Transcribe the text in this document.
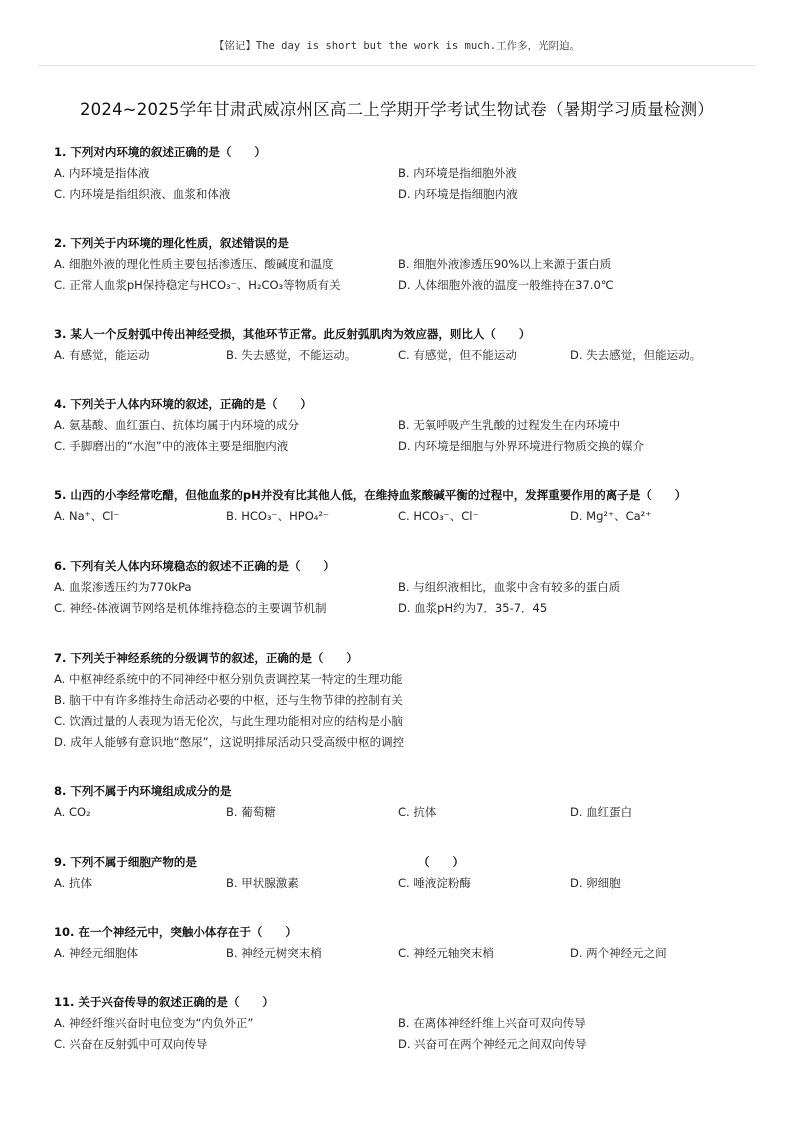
【铭记】The day is short but the work is much.工作多，光阴迫。
2024~2025学年甘肃武威凉州区高二上学期开学考试生物试卷（暑期学习质量检测）
1. 下列对内环境的叙述正确的是（　　）
A. 内环境是指体液	B. 内环境是指细胞外液
C. 内环境是指组织液、血浆和体液	D. 内环境是指细胞内液
2. 下列关于内环境的理化性质，叙述错误的是
A. 细胞外液的理化性质主要包括渗透压、酸碱度和温度	B. 细胞外液渗透压90%以上来源于蛋白质
C. 正常人血浆pH保持稳定与HCO₃⁻、H₂CO₃等物质有关	D. 人体细胞外液的温度一般维持在37.0℃
3. 某人一个反射弧中传出神经受损，其他环节正常。此反射弧肌肉为效应器，则比人（　　）
A. 有感觉，能运动	B. 失去感觉，不能运动。	C. 有感觉，但不能运动	D. 失去感觉，但能运动。
4. 下列关于人体内环境的叙述，正确的是（　　）
A. 氨基酸、血红蛋白、抗体均属于内环境的成分	B. 无氧呼吸产生乳酸的过程发生在内环境中
C. 手脚磨出的“水泡”中的液体主要是细胞内液	D. 内环境是细胞与外界环境进行物质交换的媒介
5. 山西的小李经常吃醋，但他血浆的pH并没有比其他人低，在维持血浆酸碱平衡的过程中，发挥重要作用的离子是（　　）
A. Na⁺、Cl⁻	B. HCO₃⁻、HPO₄²⁻	C. HCO₃⁻、Cl⁻	D. Mg²⁺、Ca²⁺
6. 下列有关人体内环境稳态的叙述不正确的是（　　）
A. 血浆渗透压约为770kPa	B. 与组织液相比，血浆中含有较多的蛋白质
C. 神经-体液调节网络是机体维持稳态的主要调节机制	D. 血浆pH约为7．35-7．45
7. 下列关于神经系统的分级调节的叙述，正确的是（　　）
A. 中枢神经系统中的不同神经中枢分别负责调控某一特定的生理功能
B. 脑干中有许多维持生命活动必要的中枢，还与生物节律的控制有关
C. 饮酒过量的人表现为语无伦次，与此生理功能相对应的结构是小脑
D. 成年人能够有意识地“憋尿”，这说明排尿活动只受高级中枢的调控
8. 下列不属于内环境组成成分的是
A. CO₂	B. 葡萄糖	C. 抗体	D. 血红蛋白
9. 下列不属于细胞产物的是	（　　）
A. 抗体	B. 甲状腺激素	C. 唾液淀粉酶	D. 卵细胞
10. 在一个神经元中，突触小体存在于（　　）
A. 神经元细胞体	B. 神经元树突末梢	C. 神经元轴突末梢	D. 两个神经元之间
11. 关于兴奋传导的叙述正确的是（　　）
A. 神经纤维兴奋时电位变为“内负外正”	B. 在离体神经纤维上兴奋可双向传导
C. 兴奋在反射弧中可双向传导	D. 兴奋可在两个神经元之间双向传导
